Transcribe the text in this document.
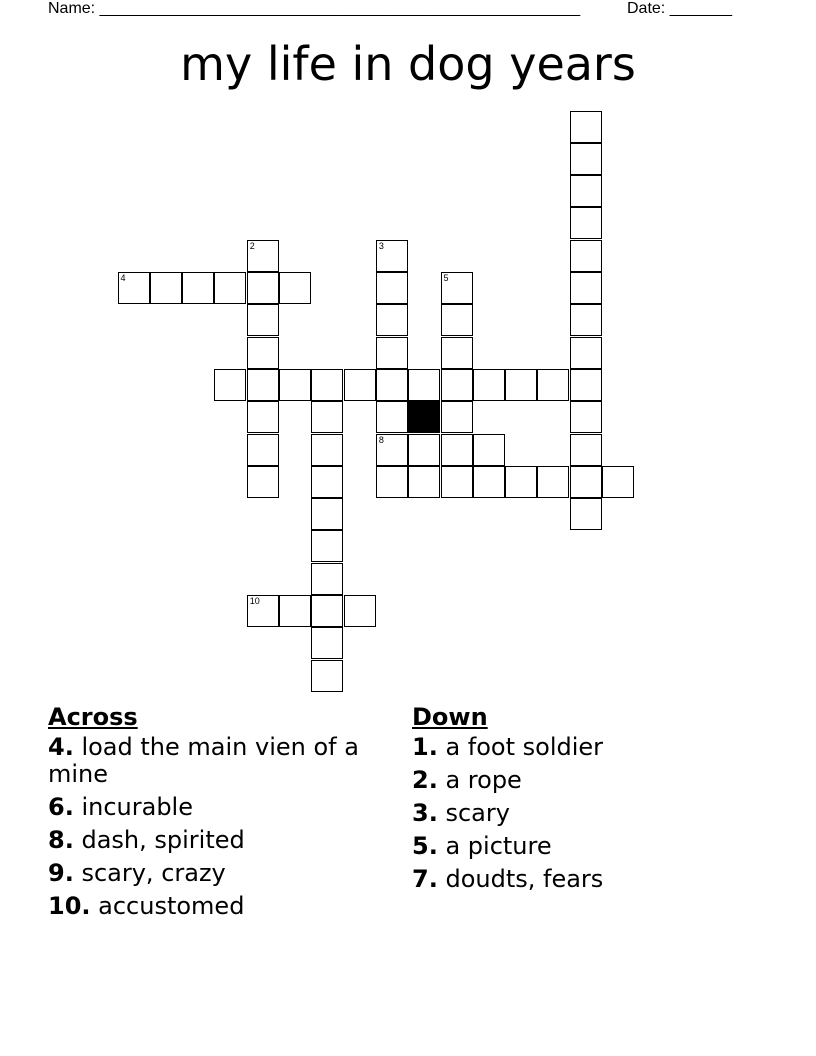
Name: ______________________________________________________	Date: _______
my life in dog years
2	3
8
5
4
10
Across
4. load the main vien of a mine
6. incurable
8. dash, spirited
9. scary, crazy
10. accustomed
Down
1. a foot soldier
2. a rope
3. scary
5. a picture
7. doudts, fears
